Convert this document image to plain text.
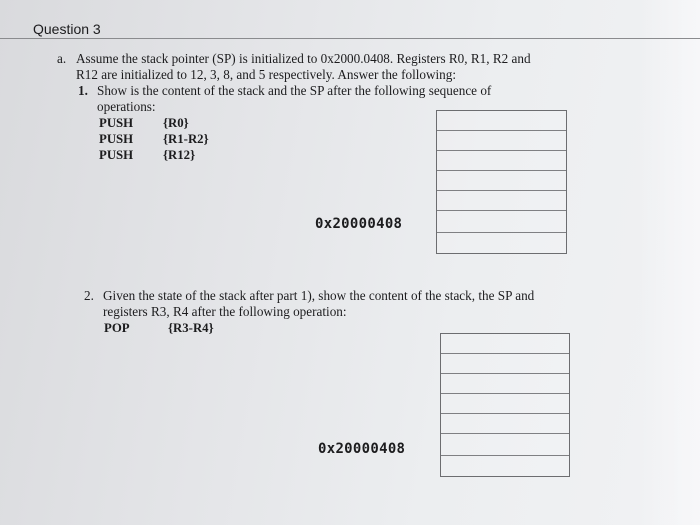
Question 3
a. Assume the stack pointer (SP) is initialized to 0x2000.0408. Registers R0, R1, R2 and
R12 are initialized to 12, 3, 8, and 5 respectively. Answer the following:
1. Show is the content of the stack and the SP after the following sequence of
operations:
PUSH {R0}
PUSH {R1-R2}
PUSH {R12}
0x20000408
2. Given the state of the stack after part 1), show the content of the stack, the SP and
registers R3, R4 after the following operation:
POP	{R3-R4}
0x20000408
